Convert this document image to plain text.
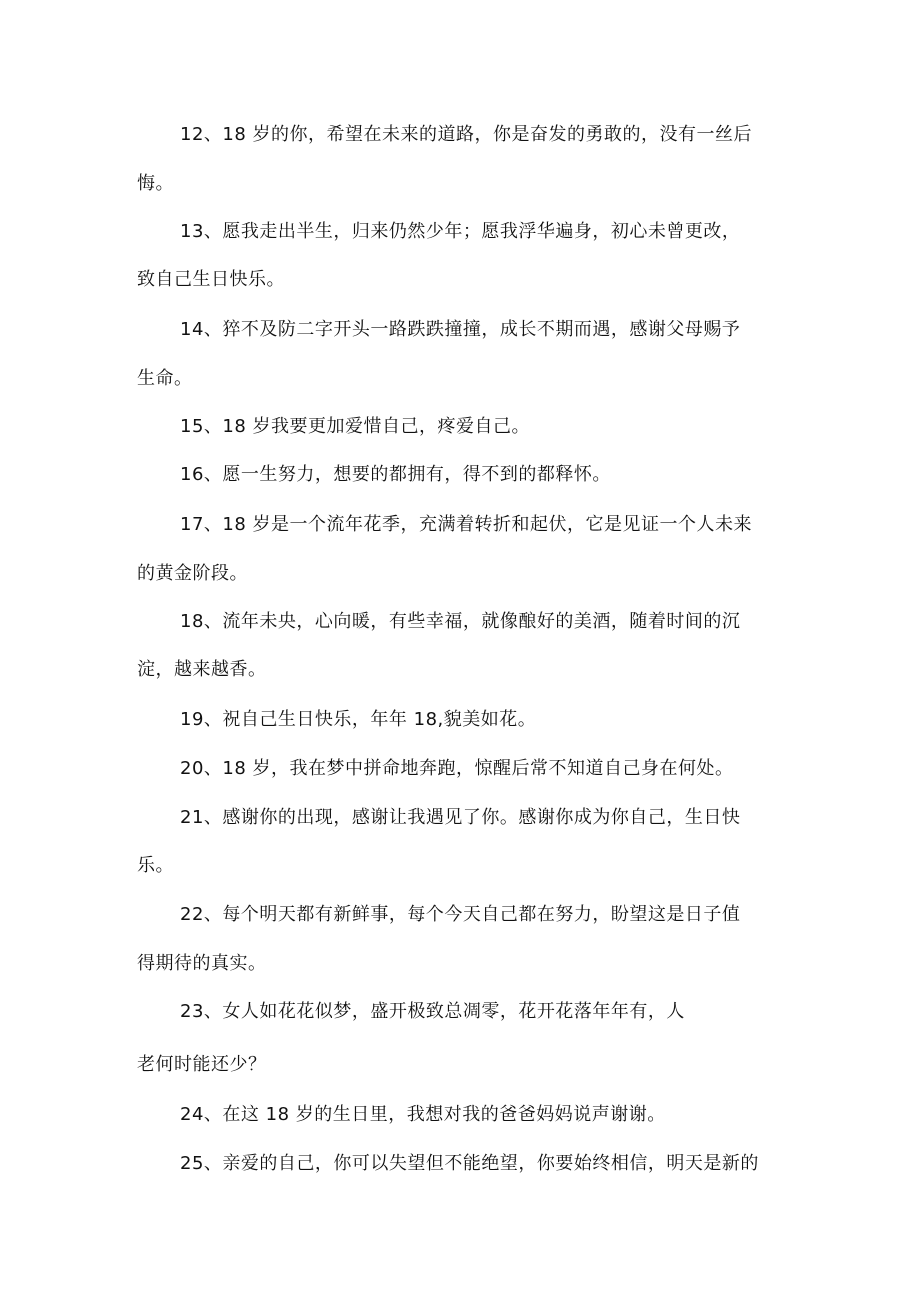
12、18 岁的你，希望在未来的道路，你是奋发的勇敢的，没有一丝后
悔。
13、愿我走出半生，归来仍然少年；愿我浮华遍身，初心未曾更改，
致自己生日快乐。
14、猝不及防二字开头一路跌跌撞撞，成长不期而遇，感谢父母赐予
生命。
15、18 岁我要更加爱惜自己，疼爱自己。
16、愿一生努力，想要的都拥有，得不到的都释怀。
17、18 岁是一个流年花季，充满着转折和起伏，它是见证一个人未来
的黄金阶段。
18、流年未央，心向暖，有些幸福，就像酿好的美酒，随着时间的沉
淀，越来越香。
19、祝自己生日快乐，年年 18,貌美如花。
20、18 岁，我在梦中拼命地奔跑，惊醒后常不知道自己身在何处。
21、感谢你的出现，感谢让我遇见了你。感谢你成为你自己，生日快
乐。
22、每个明天都有新鲜事，每个今天自己都在努力，盼望这是日子值
得期待的真实。
23、女人如花花似梦，盛开极致总凋零，花开花落年年有，人
老何时能还少？
24、在这 18 岁的生日里，我想对我的爸爸妈妈说声谢谢。
25、亲爱的自己，你可以失望但不能绝望，你要始终相信，明天是新的
